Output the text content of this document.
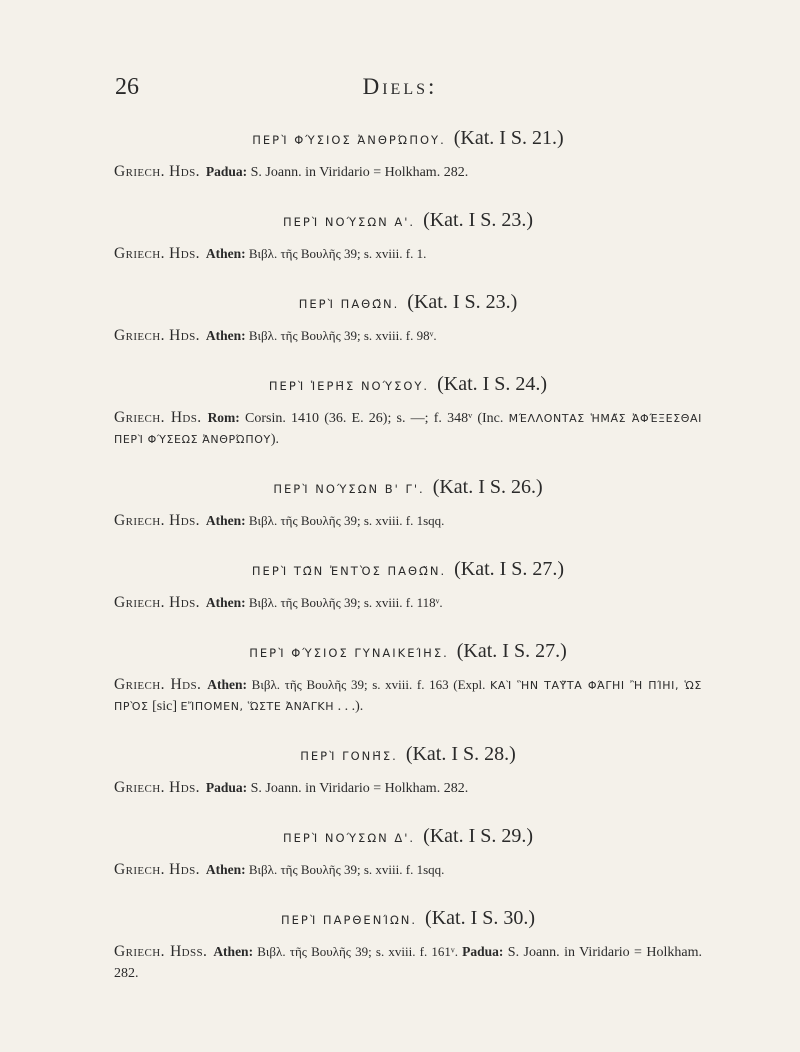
26	Diels:
ΠΕΡῚ ΦΎΣΙΟΣ ἈΝΘΡΏΠΟΥ. (Kat. I S. 21.)

Griech. Hds. Padua: S. Joann. in Viridario = Holkham. 282.

ΠΕΡῚ ΝΟΎΣΩΝ Α'. (Kat. I S. 23.)

Griech. Hds. Athen: Βιβλ. τῆς Βουλῆς 39; s. xviii. f. 1.

ΠΕΡῚ ΠΑΘΩ͂Ν. (Kat. I S. 23.)

Griech. Hds. Athen: Βιβλ. τῆς Βουλῆς 39; s. xviii. f. 98ᵛ.

ΠΕΡῚ ἹΕΡΗ͂Σ ΝΟΎΣΟΥ. (Kat. I S. 24.)

Griech. Hds. Rom: Corsin. 1410 (36. E. 26); s. —; f. 348ᵛ (Inc. ΜΈΛΛΟΝΤΑΣ ἩΜΑ͂Σ ἈΦΈΞΕΣΘΑΙ ΠΕΡῚ ΦΎΣΕΩΣ ἈΝΘΡΏΠΟΥ).

ΠΕΡῚ ΝΟΎΣΩΝ Β' Γ'. (Kat. I S. 26.)

Griech. Hds. Athen: Βιβλ. τῆς Βουλῆς 39; s. xviii. f. 1sqq.

ΠΕΡῚ ΤΩ͂Ν ἘΝΤῸΣ ΠΑΘΩ͂Ν. (Kat. I S. 27.)

Griech. Hds. Athen: Βιβλ. τῆς Βουλῆς 39; s. xviii. f. 118ᵛ.

ΠΕΡῚ ΦΎΣΙΟΣ ΓΥΝΑΙΚΕΊΗΣ. (Kat. I S. 27.)

Griech. Hds. Athen: Βιβλ. τῆς Βουλῆς 39; s. xviii. f. 163 (Expl. ΚΑῚ ἫΝ ΤΑΥ͂ΤΑ ΦΆΓΗΙ Ἢ ΠΊΗΙ, ὩΣ ΠΡῸΣ [sic] ΕἼΠΟΜΕΝ, ὭΣΤΕ ἈΝΆΓΚΗ . . .).

ΠΕΡῚ ΓΟΝΗ͂Σ. (Kat. I S. 28.)

Griech. Hds. Padua: S. Joann. in Viridario = Holkham. 282.

ΠΕΡῚ ΝΟΎΣΩΝ Δ'. (Kat. I S. 29.)

Griech. Hds. Athen: Βιβλ. τῆς Βουλῆς 39; s. xviii. f. 1sqq.

ΠΕΡῚ ΠΑΡΘΕΝΊΩΝ. (Kat. I S. 30.)

Griech. Hdss. Athen: Βιβλ. τῆς Βουλῆς 39; s. xviii. f. 161ᵛ. Padua: S. Joann. in Viridario = Holkham. 282.
